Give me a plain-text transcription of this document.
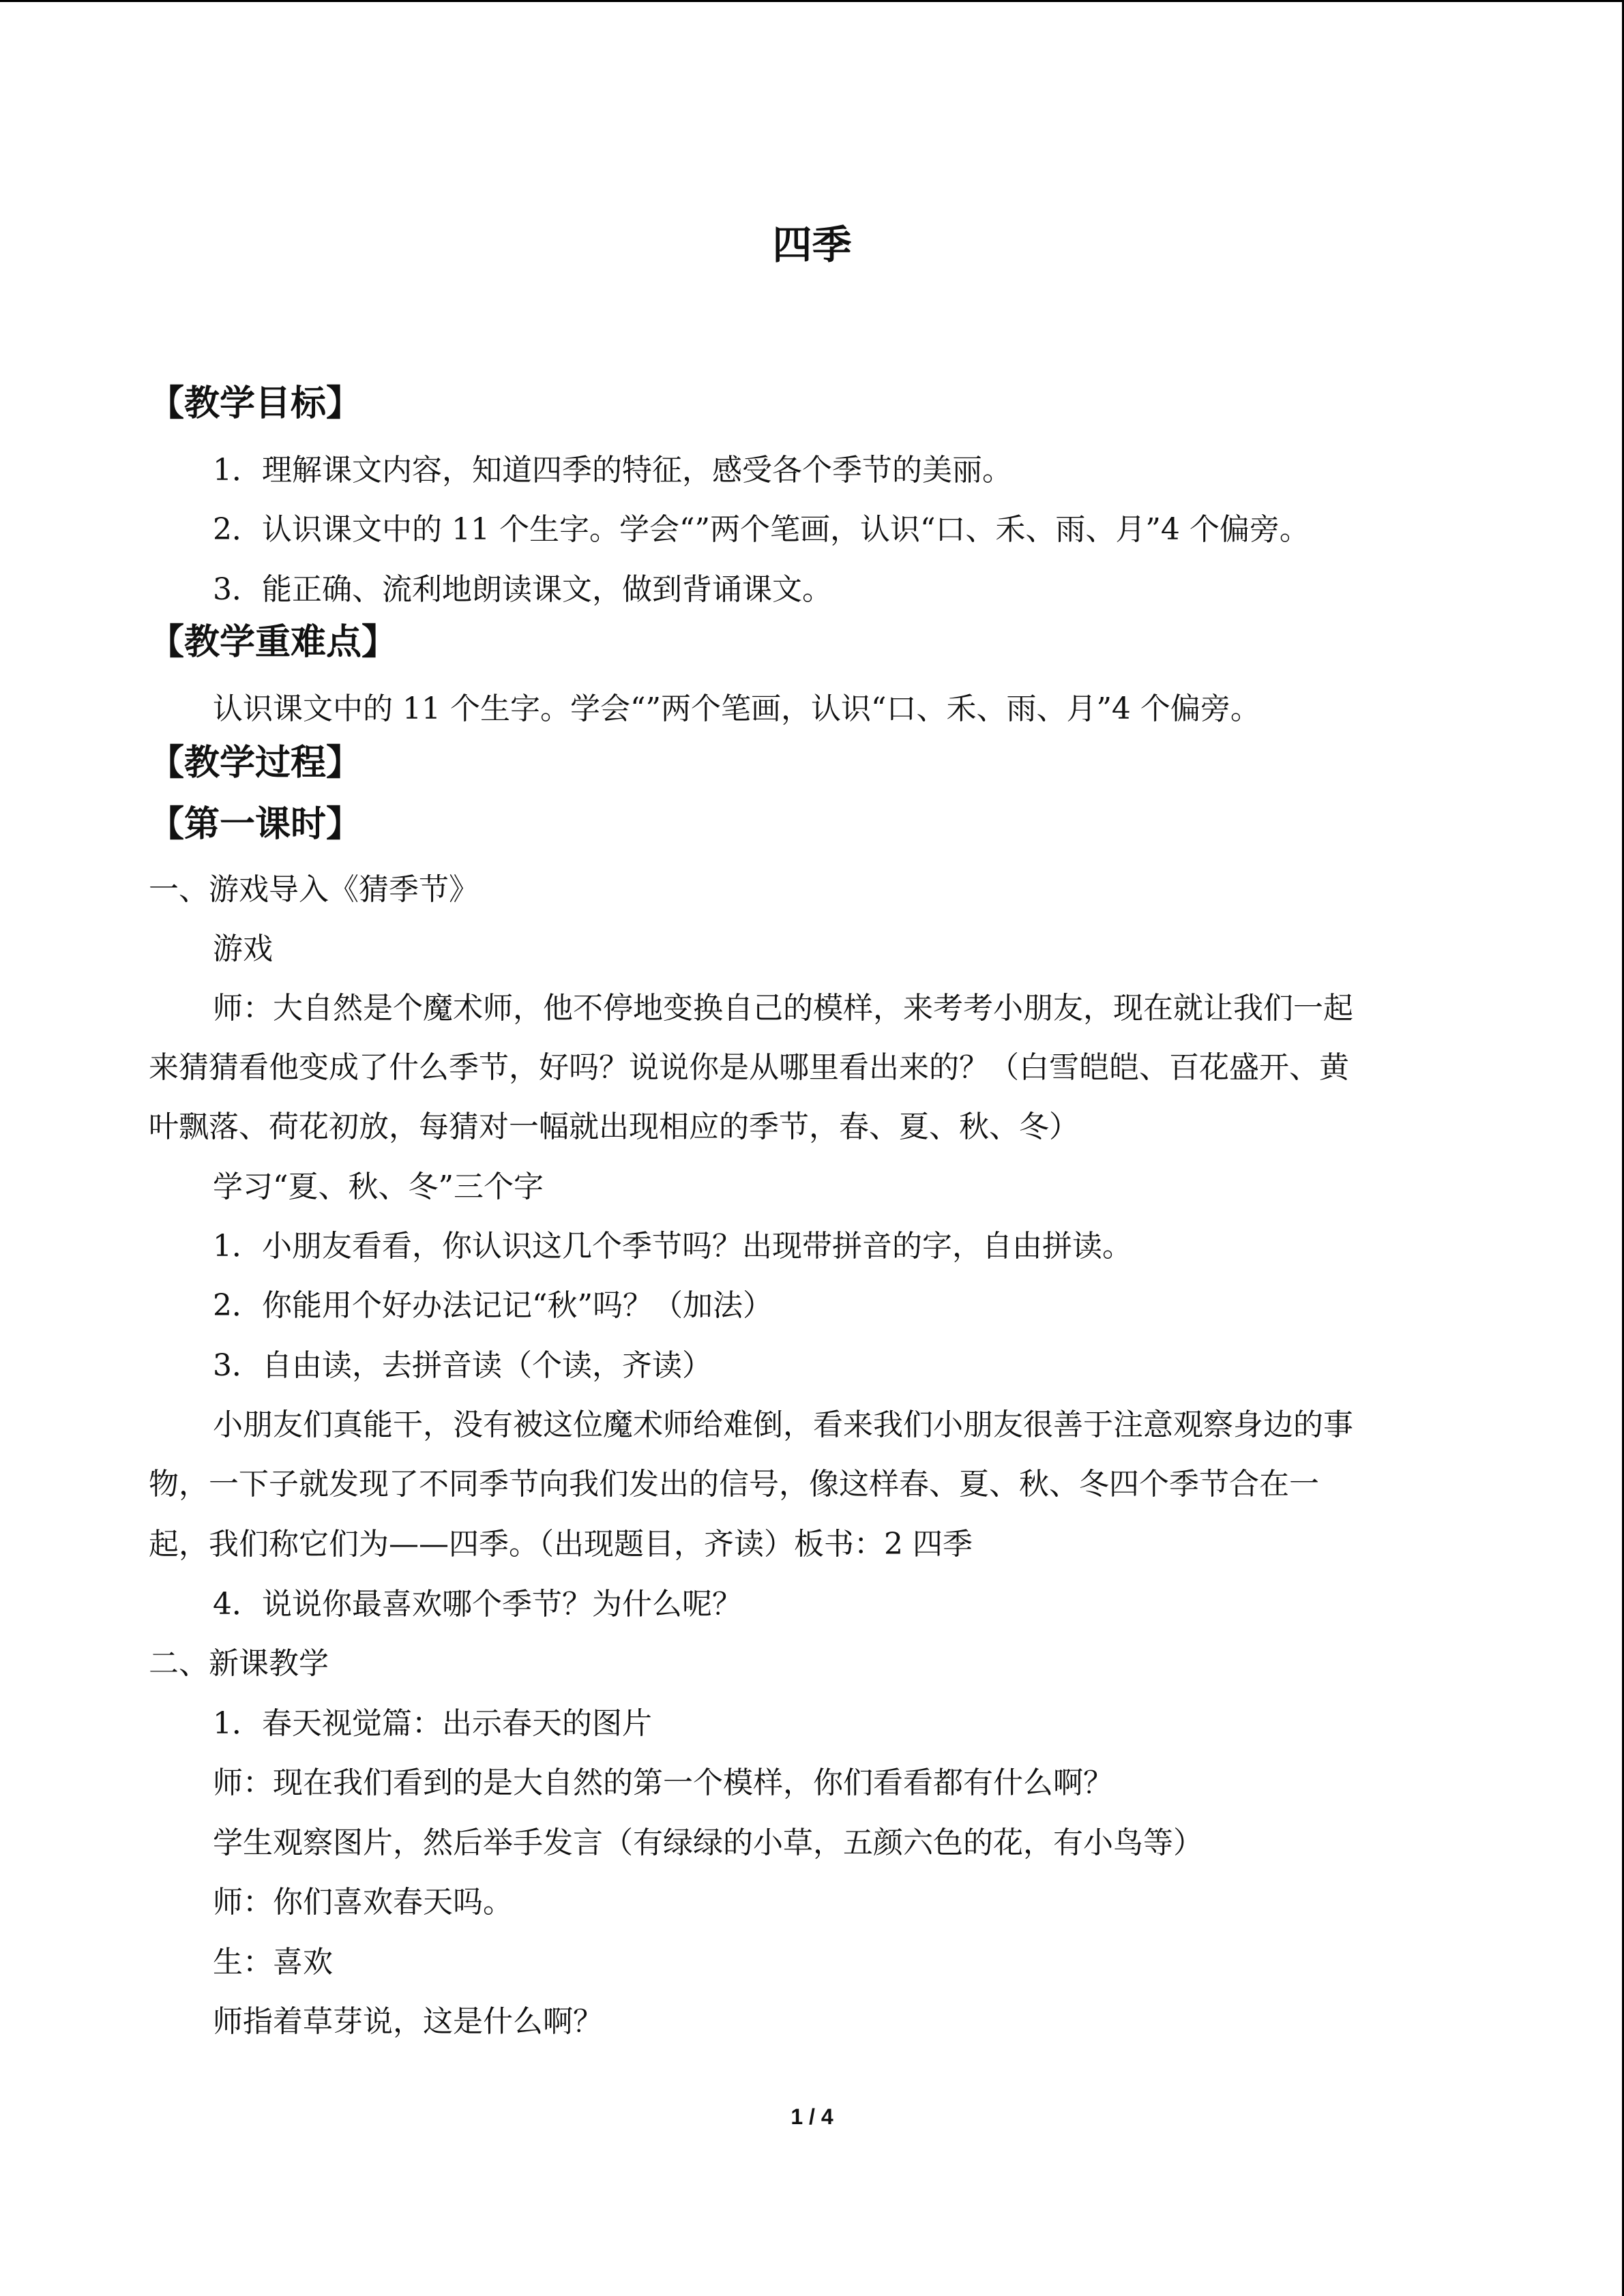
四季
【教学目标】
1．理解课文内容，知道四季的特征，感受各个季节的美丽。
2．认识课文中的 11 个生字。学会“”两个笔画，认识“口、禾、雨、月”4 个偏旁。
3．能正确、流利地朗读课文，做到背诵课文。
【教学重难点】
认识课文中的 11 个生字。学会“”两个笔画，认识“口、禾、雨、月”4 个偏旁。
【教学过程】
【第一课时】
一、游戏导入《猜季节》
游戏
师：大自然是个魔术师，他不停地变换自己的模样，来考考小朋友，现在就让我们一起
来猜猜看他变成了什么季节，好吗？说说你是从哪里看出来的？（白雪皑皑、百花盛开、黄
叶飘落、荷花初放，每猜对一幅就出现相应的季节，春、夏、秋、冬）
学习“夏、秋、冬”三个字
1．小朋友看看，你认识这几个季节吗？出现带拼音的字，自由拼读。
2．你能用个好办法记记“秋”吗？（加法）
3．自由读，去拼音读（个读，齐读）
小朋友们真能干，没有被这位魔术师给难倒，看来我们小朋友很善于注意观察身边的事
物，一下子就发现了不同季节向我们发出的信号，像这样春、夏、秋、冬四个季节合在一
起，我们称它们为——四季。（出现题目，齐读）板书：2 四季
4．说说你最喜欢哪个季节？为什么呢？
二、新课教学
1．春天视觉篇：出示春天的图片
师：现在我们看到的是大自然的第一个模样，你们看看都有什么啊？
学生观察图片，然后举手发言（有绿绿的小草，五颜六色的花，有小鸟等）
师：你们喜欢春天吗。
生：喜欢
师指着草芽说，这是什么啊？
1 / 4
